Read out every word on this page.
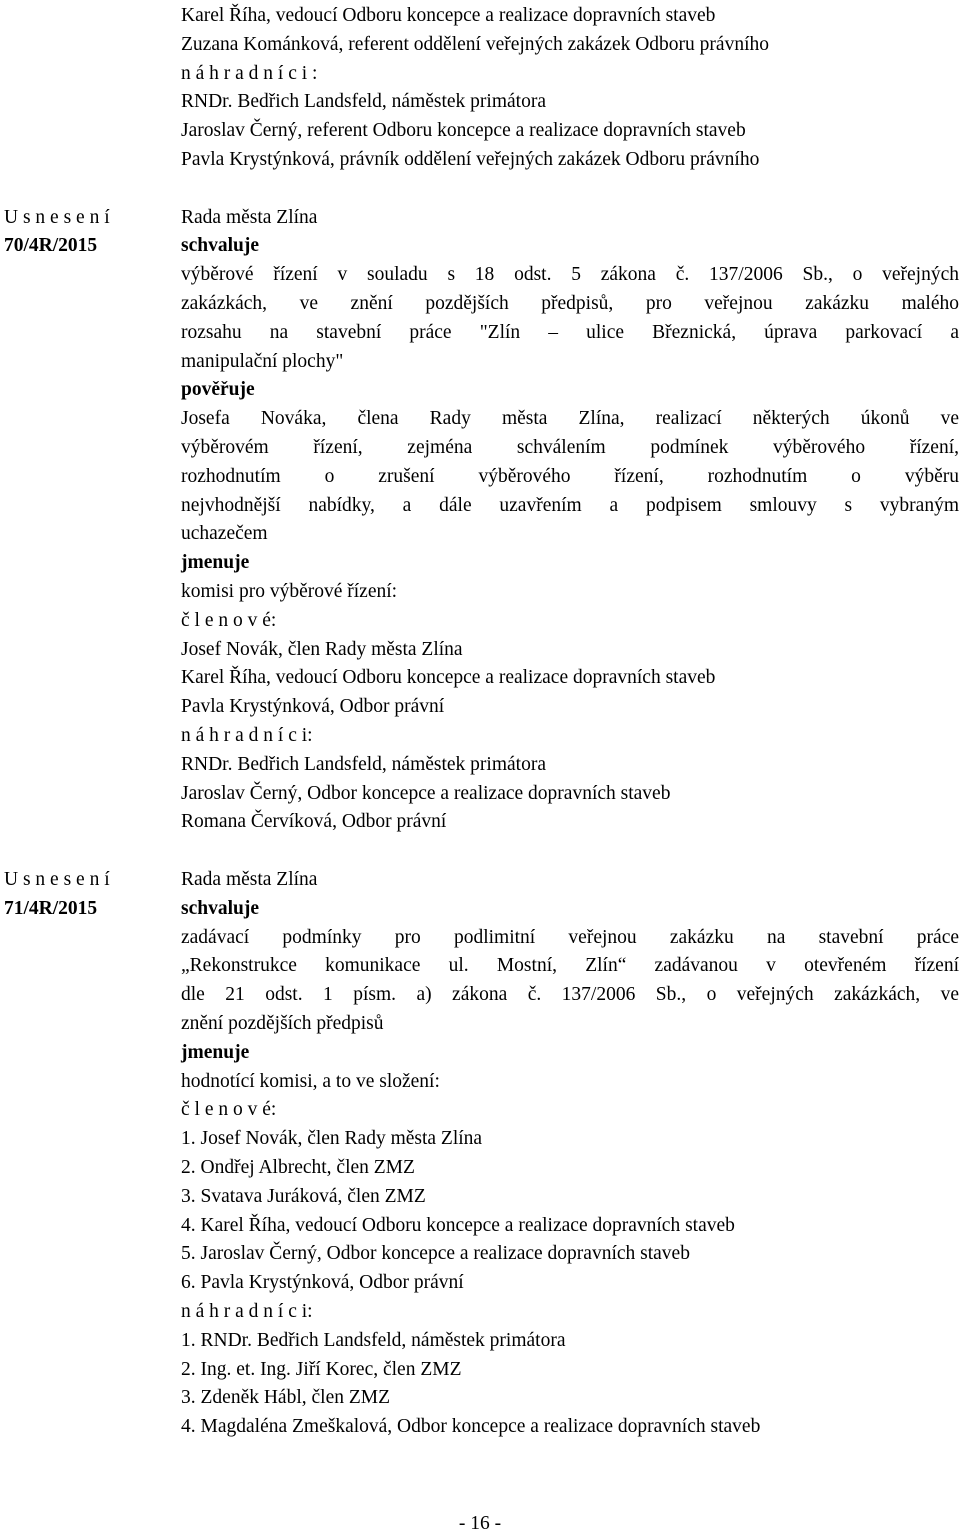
Karel Říha, vedoucí Odboru koncepce a realizace dopravních staveb
Zuzana Kománková, referent oddělení veřejných zakázek Odboru právního
n á h r a d n í c i :
RNDr. Bedřich Landsfeld, náměstek primátora
Jaroslav Černý, referent Odboru koncepce a realizace dopravních staveb
Pavla Krystýnková, právník oddělení veřejných zakázek Odboru právního
U s n e s e n í
70/4R/2015
Rada města Zlína
schvaluje
výběrové řízení v souladu s 18 odst. 5 zákona č. 137/2006 Sb., o veřejných
zakázkách, ve znění pozdějších předpisů, pro veřejnou zakázku malého
rozsahu na stavební práce "Zlín – ulice Březnická, úprava parkovací a
manipulační plochy"
pověřuje
Josefa Nováka, člena Rady města Zlína, realizací některých úkonů ve
výběrovém řízení, zejména schválením podmínek výběrového řízení,
rozhodnutím o zrušení výběrového řízení, rozhodnutím o výběru
nejvhodnější nabídky, a dále uzavřením a podpisem smlouvy s vybraným
uchazečem
jmenuje
komisi pro výběrové řízení:
č l e n o v é:
Josef Novák, člen Rady města Zlína
Karel Říha, vedoucí Odboru koncepce a realizace dopravních staveb
Pavla Krystýnková, Odbor právní
n á h r a d n í c i:
RNDr. Bedřich Landsfeld, náměstek primátora
Jaroslav Černý, Odbor koncepce a realizace dopravních staveb
Romana Červíková, Odbor právní
U s n e s e n í
71/4R/2015
Rada města Zlína
schvaluje
zadávací podmínky pro podlimitní veřejnou zakázku na stavební práce
„Rekonstrukce komunikace ul. Mostní, Zlín“ zadávanou v otevřeném řízení
dle 21 odst. 1 písm. a) zákona č. 137/2006 Sb., o veřejných zakázkách, ve
znění pozdějších předpisů
jmenuje
hodnotící komisi, a to ve složení:
č l e n o v é:
1. Josef Novák, člen Rady města Zlína
2. Ondřej Albrecht, člen ZMZ
3. Svatava Juráková, člen ZMZ
4. Karel Říha, vedoucí Odboru koncepce a realizace dopravních staveb
5. Jaroslav Černý, Odbor koncepce a realizace dopravních staveb
6. Pavla Krystýnková, Odbor právní
n á h r a d n í c i:
1. RNDr. Bedřich Landsfeld, náměstek primátora
2. Ing. et. Ing. Jiří Korec, člen ZMZ
3. Zdeněk Hábl, člen ZMZ
4. Magdaléna Zmeškalová, Odbor koncepce a realizace dopravních staveb
- 16 -
